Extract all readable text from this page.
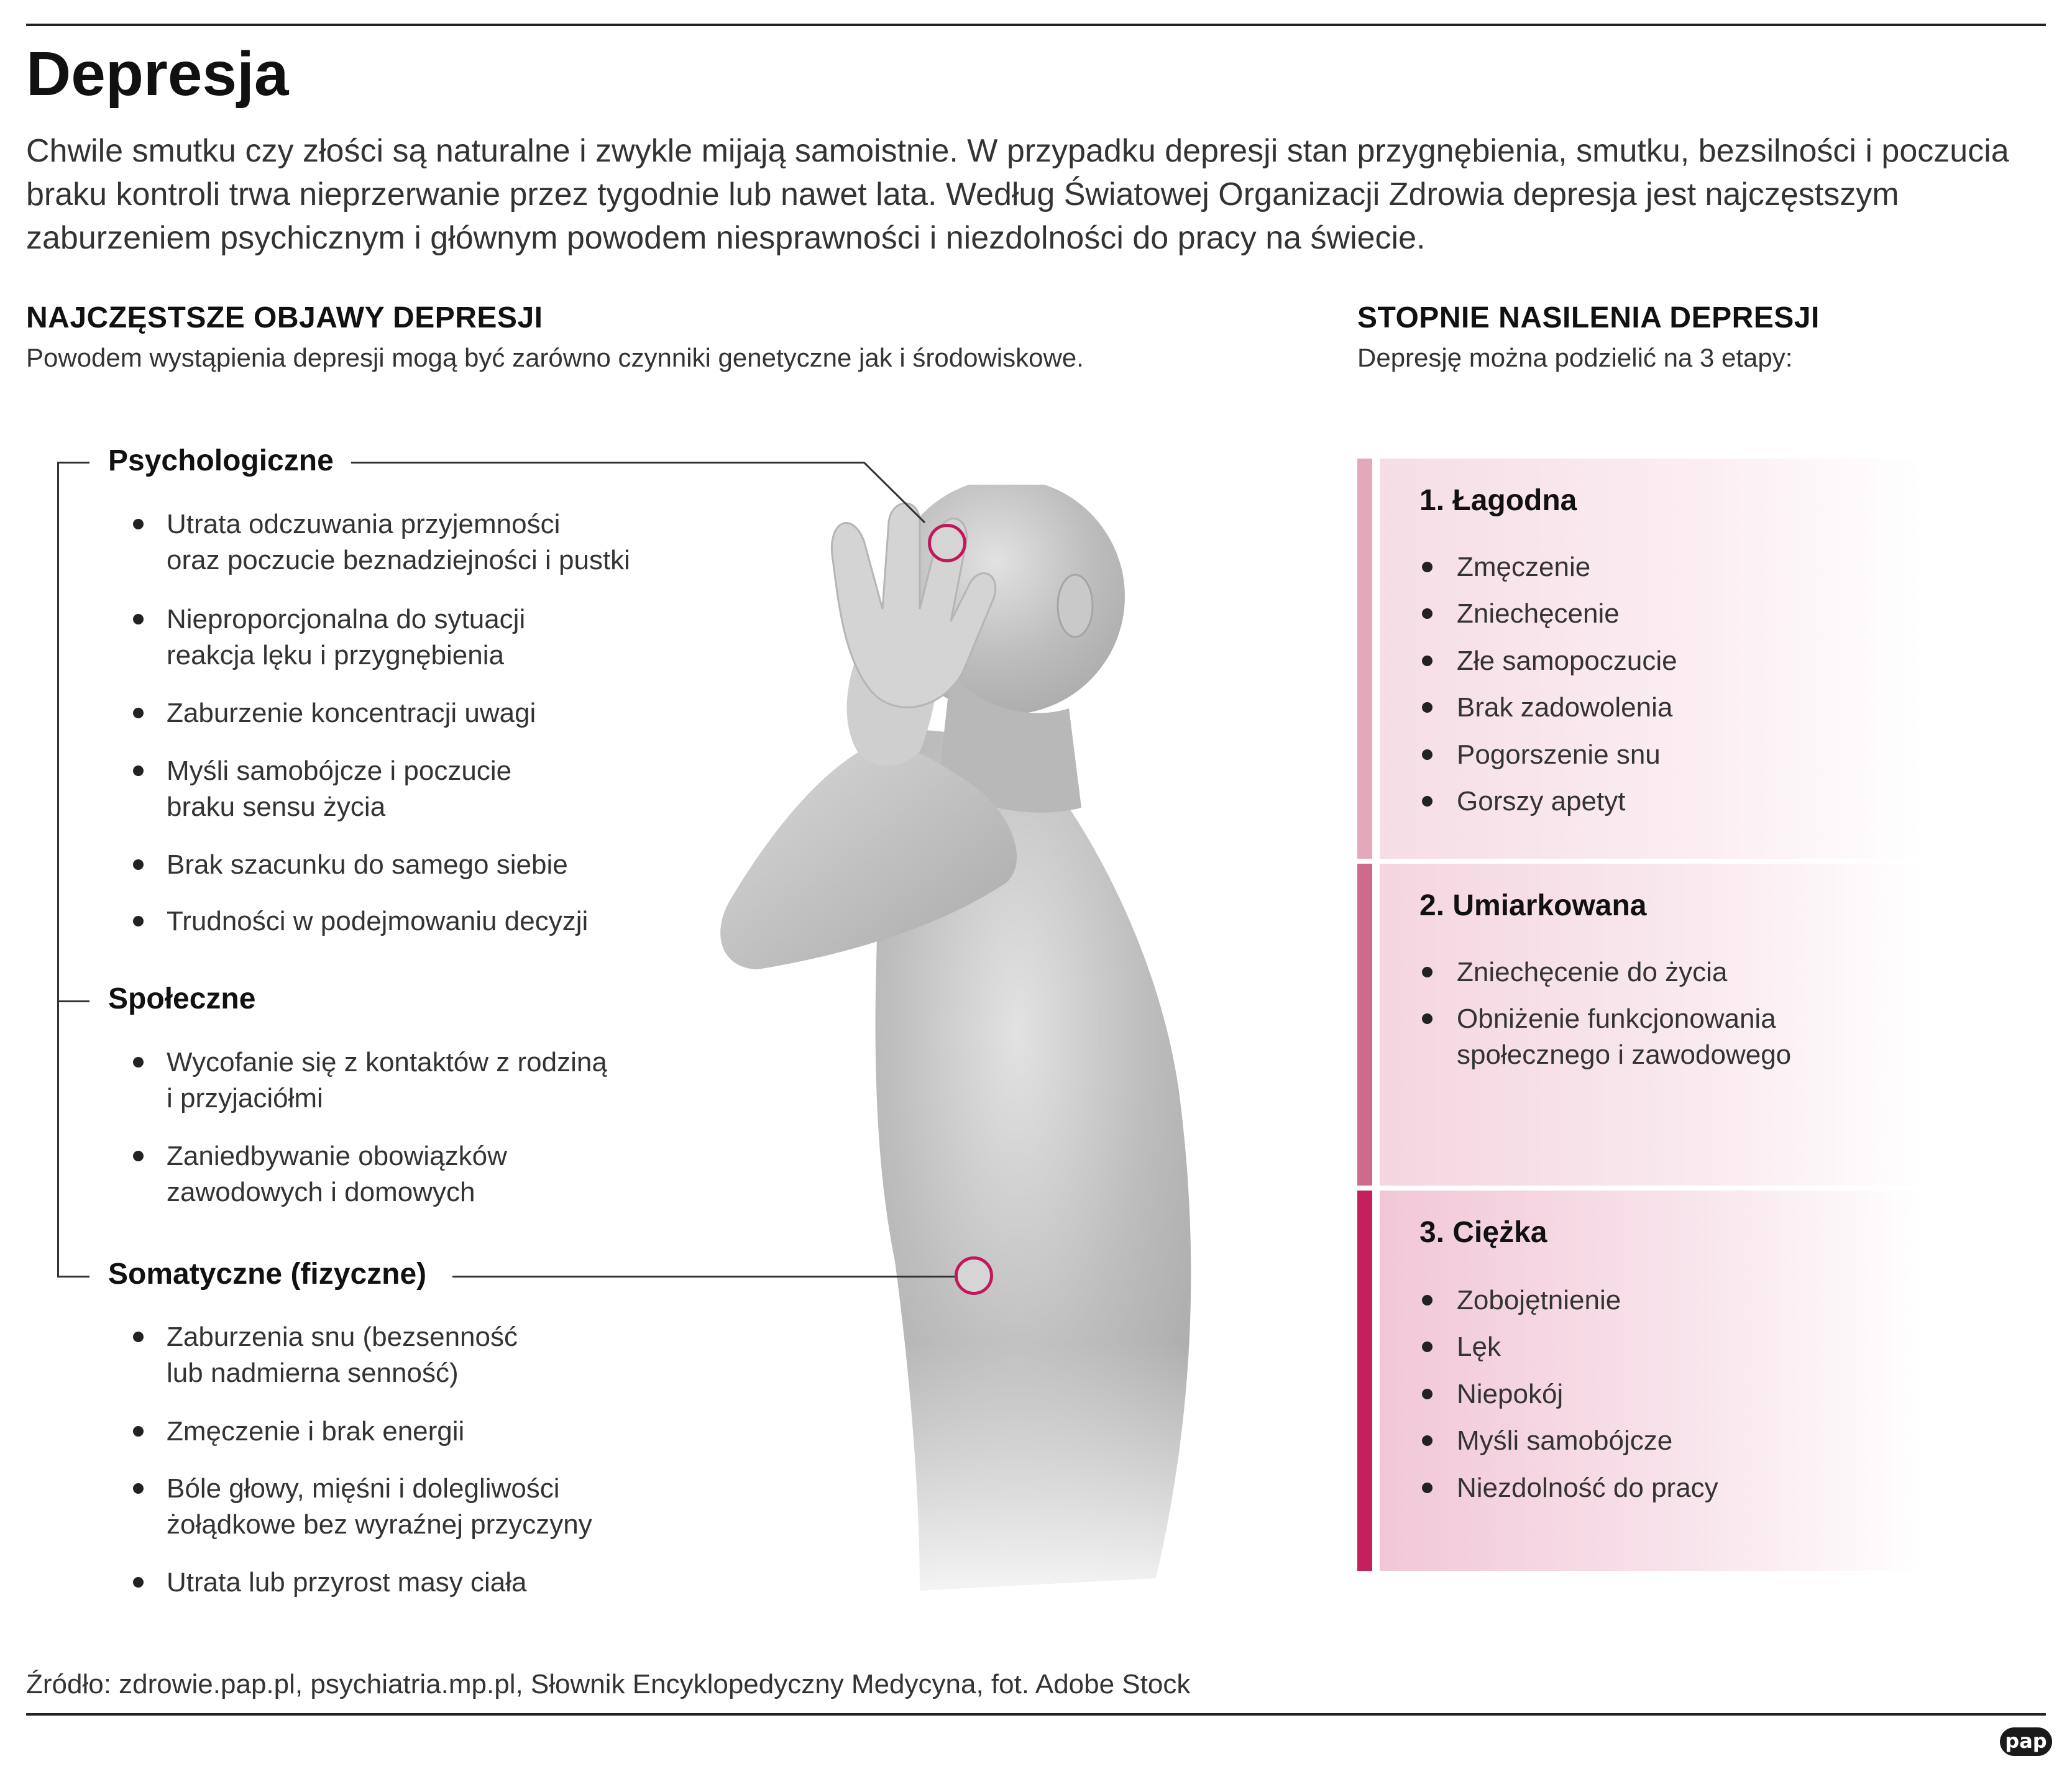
Depresja

Chwile smutku czy złości są naturalne i zwykle mijają samoistnie. W przypadku depresji stan przygnębienia, smutku, bezsilności i poczucia braku kontroli trwa nieprzerwanie przez tygodnie lub nawet lata. Według Światowej Organizacji Zdrowia depresja jest najczęstszym zaburzeniem psychicznym i głównym powodem niesprawności i niezdolności do pracy na świecie.

NAJCZĘSTSZE OBJAWY DEPRESJI

Powodem wystąpienia depresji mogą być zarówno czynniki genetyczne jak i środowiskowe.

STOPNIE NASILENIA DEPRESJI

Depresję można podzielić na 3 etapy:

Psychologiczne
Utrata odczuwania przyjemności
oraz poczucie beznadziejności i pustki
Nieproporcjonalna do sytuacji
reakcja lęku i przygnębienia
Zaburzenie koncentracji uwagi
Myśli samobójcze i poczucie
braku sensu życia
Brak szacunku do samego siebie
Trudności w podejmowaniu decyzji
Społeczne
Wycofanie się z kontaktów z rodziną
i przyjaciółmi
Zaniedbywanie obowiązków
zawodowych i domowych
Somatyczne (fizyczne)
Zaburzenia snu (bezsenność
lub nadmierna senność)
Zmęczenie i brak energii
Bóle głowy, mięśni i dolegliwości
żołądkowe bez wyraźnej przyczyny
Utrata lub przyrost masy ciała
1. Łagodna
Zmęczenie
Zniechęcenie
Złe samopoczucie
Brak zadowolenia
Pogorszenie snu
Gorszy apetyt
2. Umiarkowana
Zniechęcenie do życia
Obniżenie funkcjonowania
społecznego i zawodowego
3. Ciężka
Zobojętnienie
Lęk
Niepokój
Myśli samobójcze
Niezdolność do pracy

Źródło: zdrowie.pap.pl, psychiatria.mp.pl, Słownik Encyklopedyczny Medycyna, fot. Adobe Stock

pap
